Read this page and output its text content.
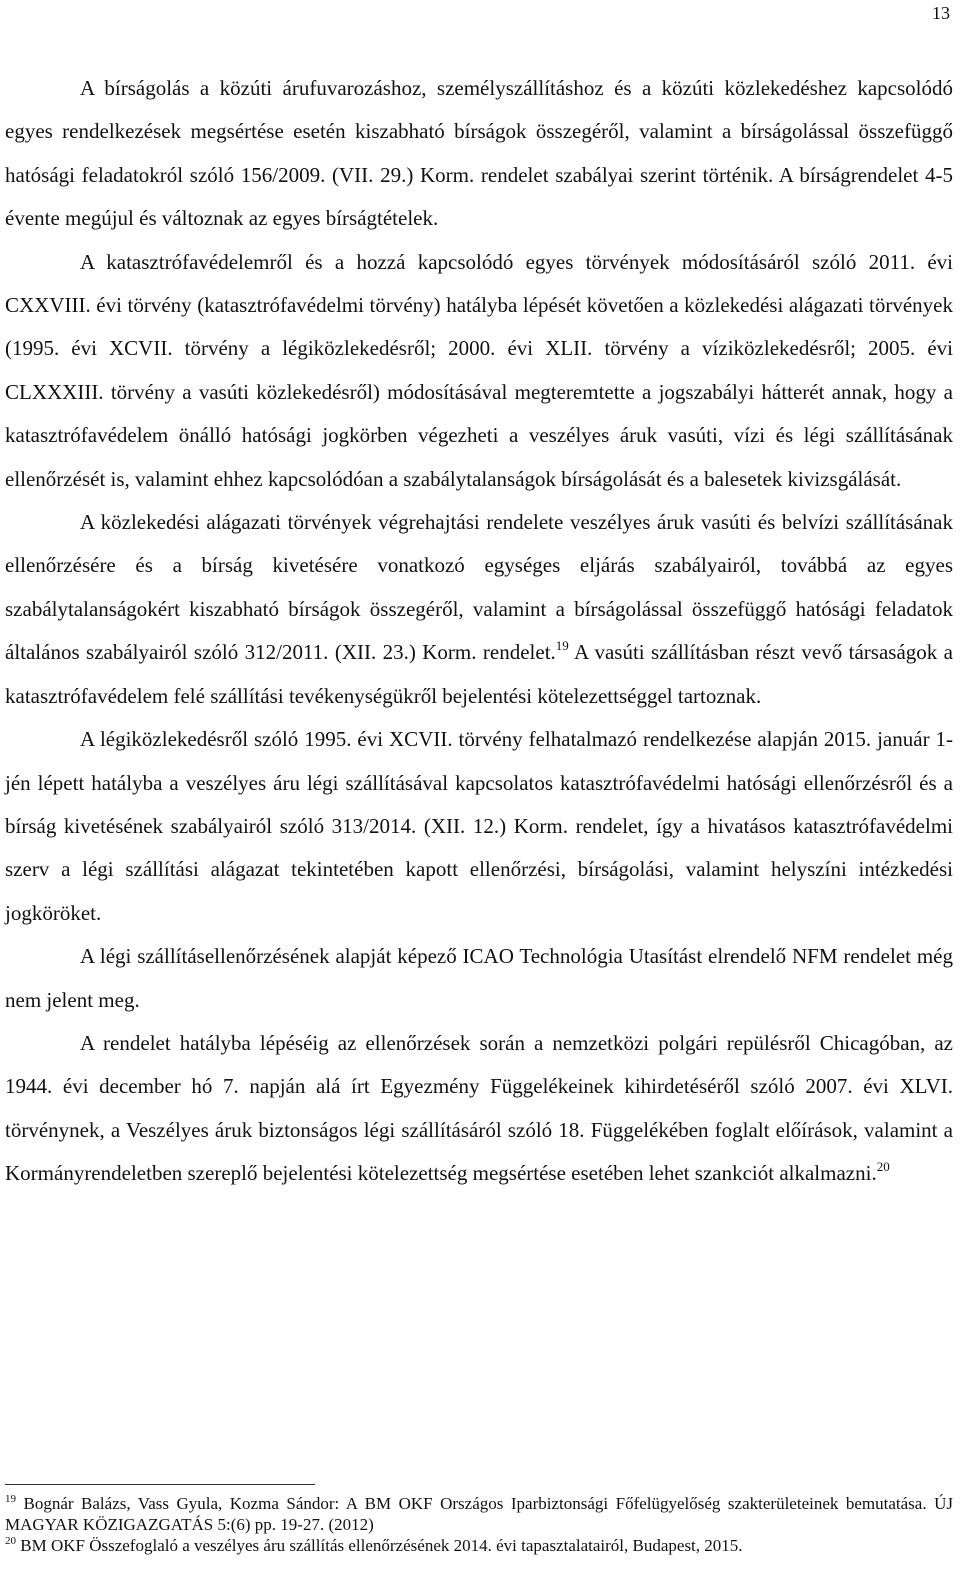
13

A bírságolás a közúti árufuvarozáshoz, személyszállításhoz és a közúti közlekedéshez kapcsolódó egyes rendelkezések megsértése esetén kiszabható bírságok összegéről, valamint a bírságolással összefüggő hatósági feladatokról szóló 156/2009. (VII. 29.) Korm. rendelet szabályai szerint történik. A bírságrendelet 4-5 évente megújul és változnak az egyes bírságtételek.

A katasztrófavédelemről és a hozzá kapcsolódó egyes törvények módosításáról szóló 2011. évi CXXVIII. évi törvény (katasztrófavédelmi törvény) hatályba lépését követően a közlekedési alágazati törvények (1995. évi XCVII. törvény a légiközlekedésről; 2000. évi XLII. törvény a víziközlekedésről; 2005. évi CLXXXIII. törvény a vasúti közlekedésről) módosításával megteremtette a jogszabályi hátterét annak, hogy a katasztrófavédelem önálló hatósági jogkörben végezheti a veszélyes áruk vasúti, vízi és légi szállításának ellenőrzését is, valamint ehhez kapcsolódóan a szabálytalanságok bírságolását és a balesetek kivizsgálását.

A közlekedési alágazati törvények végrehajtási rendelete veszélyes áruk vasúti és belvízi szállításának ellenőrzésére és a bírság kivetésére vonatkozó egységes eljárás szabályairól, továbbá az egyes szabálytalanságokért kiszabható bírságok összegéről, valamint a bírságolással összefüggő hatósági feladatok általános szabályairól szóló 312/2011. (XII. 23.) Korm. rendelet.$^{19}$ A vasúti szállításban részt vevő társaságok a katasztrófavédelem felé szállítási tevékenységükről bejelentési kötelezettséggel tartoznak.

A légiközlekedésről szóló 1995. évi XCVII. törvény felhatalmazó rendelkezése alapján 2015. január 1-jén lépett hatályba a veszélyes áru légi szállításával kapcsolatos katasztrófavédelmi hatósági ellenőrzésről és a bírság kivetésének szabályairól szóló 313/2014. (XII. 12.) Korm. rendelet, így a hivatásos katasztrófavédelmi szerv a légi szállítási alágazat tekintetében kapott ellenőrzési, bírságolási, valamint helyszíni intézkedési jogköröket.

A légi szállításellenőrzésének alapját képező ICAO Technológia Utasítást elrendelő NFM rendelet még nem jelent meg.

A rendelet hatályba lépéséig az ellenőrzések során a nemzetközi polgári repülésről Chicagóban, az 1944. évi december hó 7. napján alá írt Egyezmény Függelékeinek kihirdetéséről szóló 2007. évi XLVI. törvénynek, a Veszélyes áruk biztonságos légi szállításáról szóló 18. Függelékében foglalt előírások, valamint a Kormányrendeletben szereplő bejelentési kötelezettség megsértése esetében lehet szankciót alkalmazni.$^{20}$

$^{19}$ Bognár Balázs, Vass Gyula, Kozma Sándor: A BM OKF Országos Iparbiztonsági Főfelügyelőség szakterületeinek bemutatása. ÚJ MAGYAR KÖZIGAZGATÁS 5:(6) pp. 19-27. (2012)

$^{20}$ BM OKF Összefoglaló a veszélyes áru szállítás ellenőrzésének 2014. évi tapasztalatairól, Budapest, 2015.
